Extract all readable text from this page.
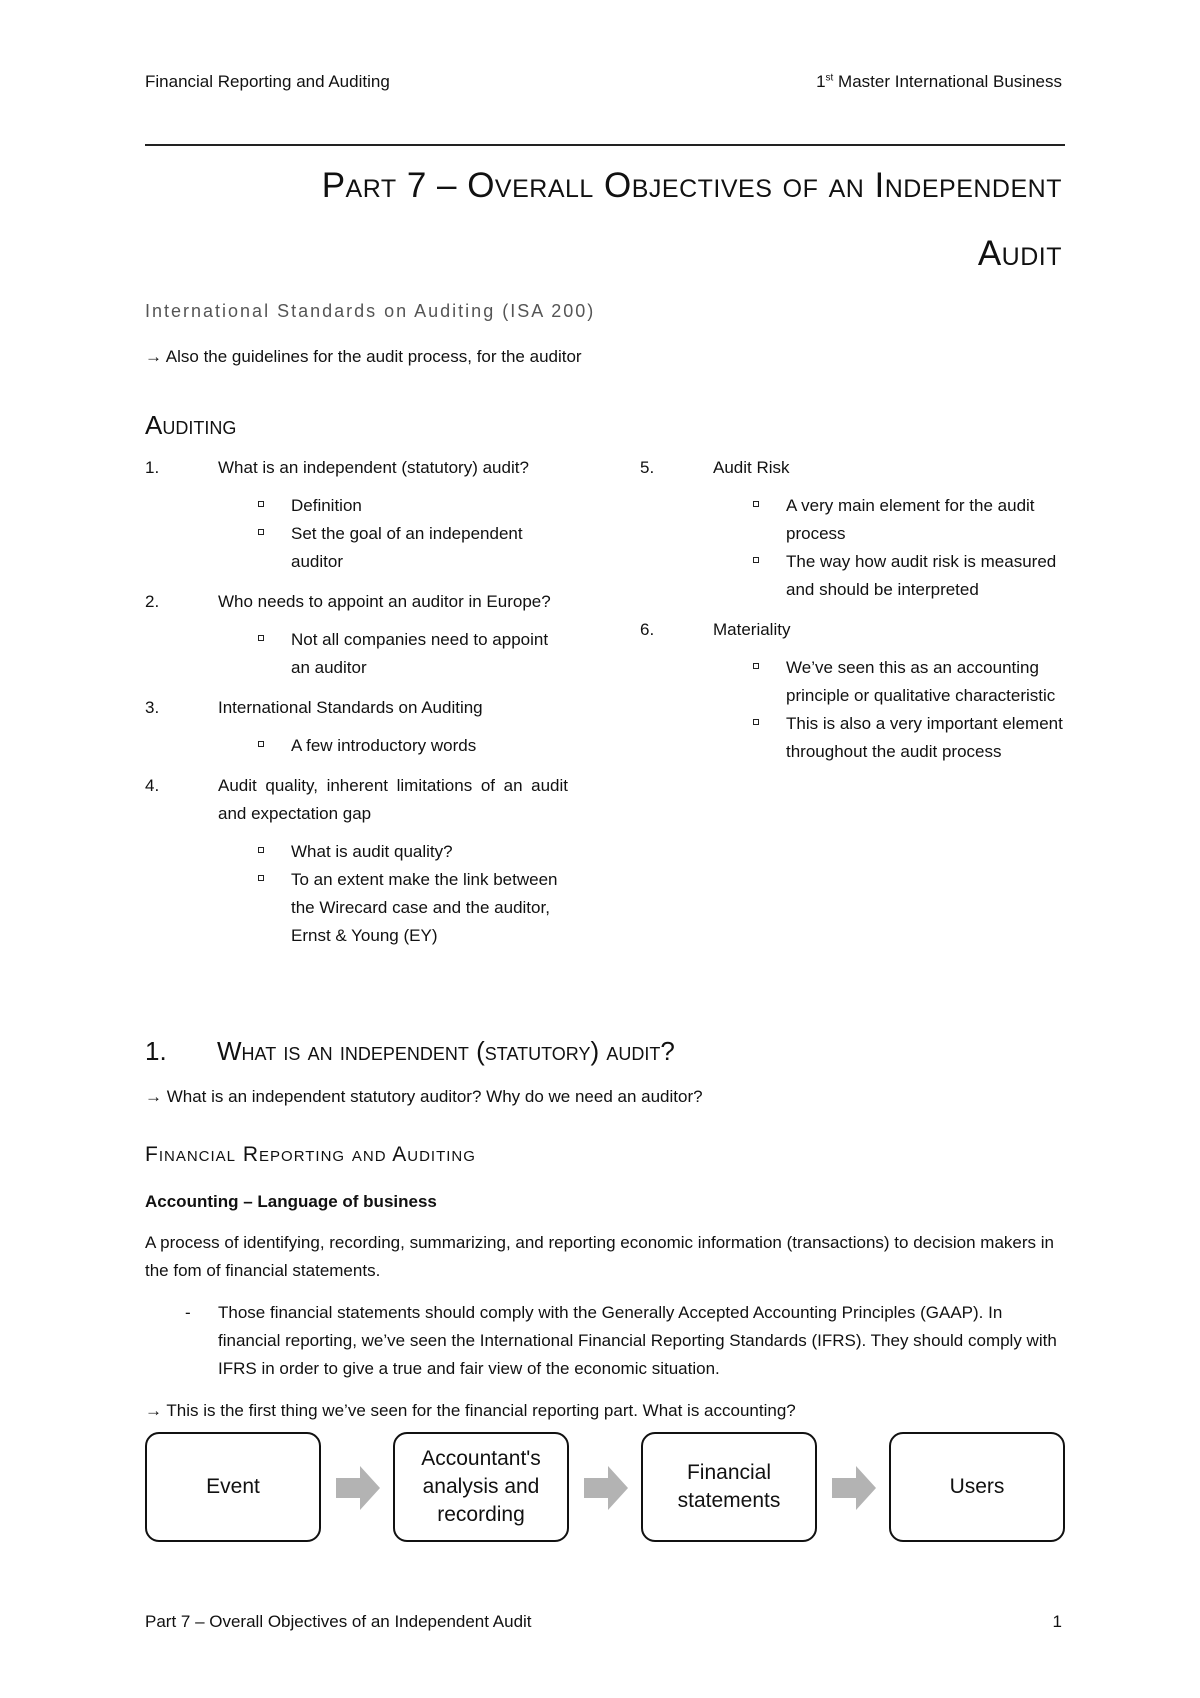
Financial Reporting and Auditing	1st Master International Business
Part 7 – Overall Objectives of an Independent
Audit
International Standards on Auditing (ISA 200)
→ Also the guidelines for the audit process, for the auditor
Auditing
1.	What is an independent (statutory) audit?
Definition
Set the goal of an independent auditor
2.	Who needs to appoint an auditor in Europe?
Not all companies need to appoint an auditor
3.	International Standards on Auditing
A few introductory words
4.	Audit quality, inherent limitations of an audit and expectation gap
What is audit quality?
To an extent make the link between the Wirecard case and the auditor, Ernst & Young (EY)
5.	Audit Risk
A very main element for the audit process
The way how audit risk is measured and should be interpreted
6.	Materiality
We’ve seen this as an accounting principle or qualitative characteristic
This is also a very important element throughout the audit process
1. What is an independent (statutory) audit?
→ What is an independent statutory auditor? Why do we need an auditor?
Financial Reporting and Auditing
Accounting – Language of business
A process of identifying, recording, summarizing, and reporting economic information (transactions) to decision makers in the fom of financial statements.
-	Those financial statements should comply with the Generally Accepted Accounting Principles (GAAP). In financial reporting, we’ve seen the International Financial Reporting Standards (IFRS). They should comply with IFRS in order to give a true and fair view of the economic situation.
→ This is the first thing we’ve seen for the financial reporting part. What is accounting?
Event
Accountant's analysis and recording
Financial statements
Users
Part 7 – Overall Objectives of an Independent Audit	1
